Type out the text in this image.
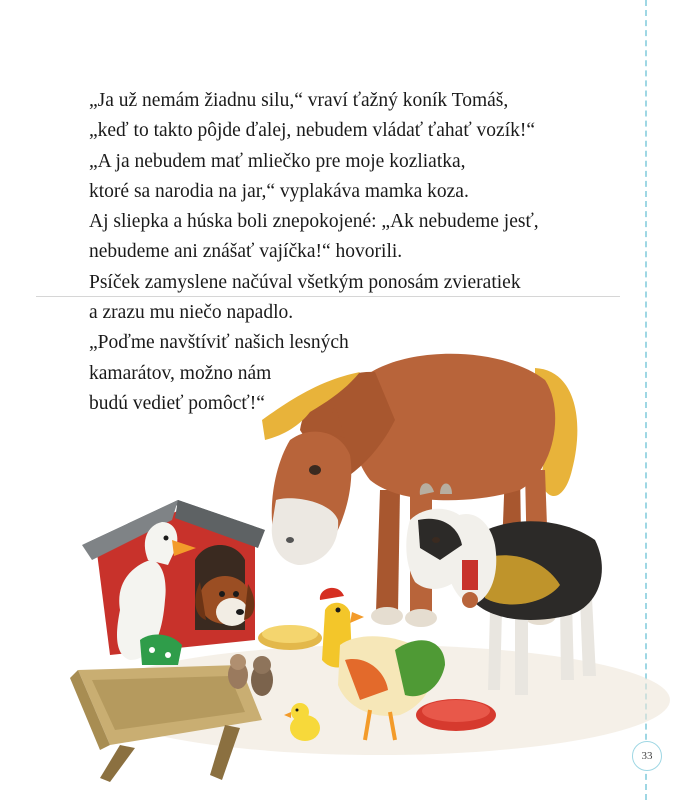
„Ja už nemám žiadnu silu,“ vraví ťažný koník Tomáš,
„keď to takto pôjde ďalej, nebudem vládať ťahať vozík!“
„A ja nebudem mať mliečko pre moje kozliatka,
ktoré sa narodia na jar,“ vyplakáva mamka koza.
Aj sliepka a húska boli znepokojené: „Ak nebudeme jesť,
nebudeme ani znášať vajíčka!“ hovorili.
Psíček zamyslene načúval všetkým ponosám zvieratiek
a zrazu mu niečo napadlo.
„Poďme navštíviť našich lesných
kamarátov, možno nám
budú vedieť pomôcť!“
33
